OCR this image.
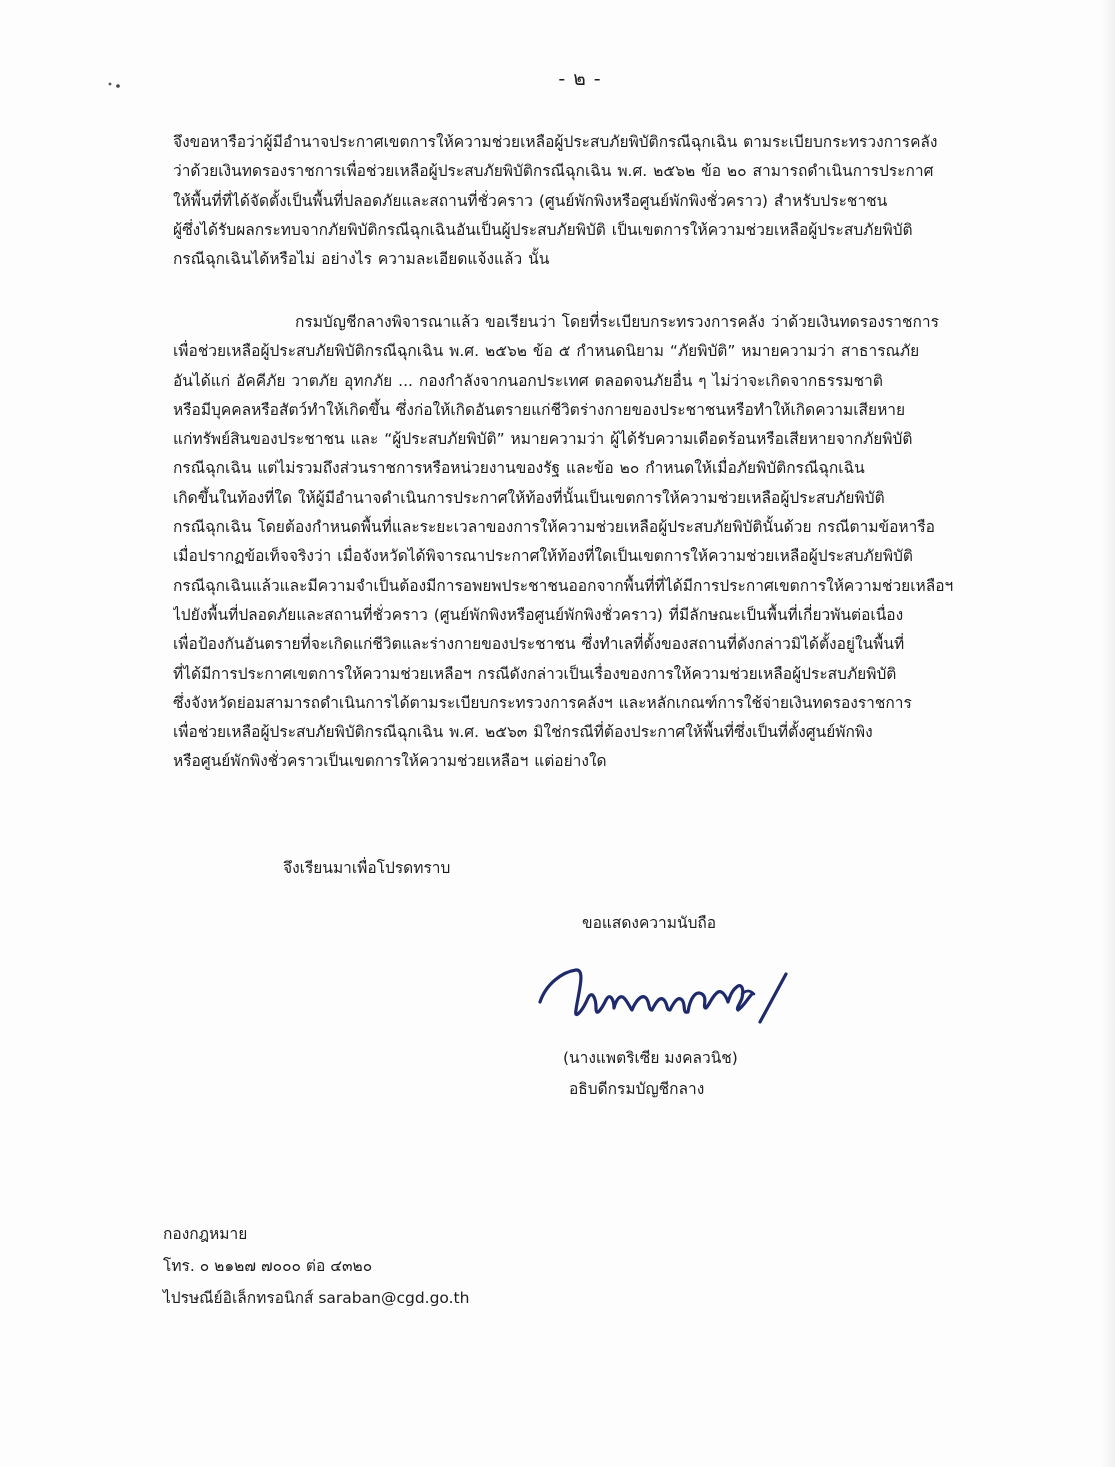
- ๒ -
จึงขอหารือว่าผู้มีอำนาจประกาศเขตการให้ความช่วยเหลือผู้ประสบภัยพิบัติกรณีฉุกเฉิน ตามระเบียบกระทรวงการคลัง
ว่าด้วยเงินทดรองราชการเพื่อช่วยเหลือผู้ประสบภัยพิบัติกรณีฉุกเฉิน พ.ศ. ๒๕๖๒ ข้อ ๒๐ สามารถดำเนินการประกาศ
ให้พื้นที่ที่ได้จัดตั้งเป็นพื้นที่ปลอดภัยและสถานที่ชั่วคราว (ศูนย์พักพิงหรือศูนย์พักพิงชั่วคราว) สำหรับประชาชน
ผู้ซึ่งได้รับผลกระทบจากภัยพิบัติกรณีฉุกเฉินอันเป็นผู้ประสบภัยพิบัติ เป็นเขตการให้ความช่วยเหลือผู้ประสบภัยพิบัติ
กรณีฉุกเฉินได้หรือไม่ อย่างไร ความละเอียดแจ้งแล้ว นั้น
กรมบัญชีกลางพิจารณาแล้ว ขอเรียนว่า โดยที่ระเบียบกระทรวงการคลัง ว่าด้วยเงินทดรองราชการ
เพื่อช่วยเหลือผู้ประสบภัยพิบัติกรณีฉุกเฉิน พ.ศ. ๒๕๖๒ ข้อ ๕ กำหนดนิยาม “ภัยพิบัติ” หมายความว่า สาธารณภัย
อันได้แก่ อัคคีภัย วาตภัย อุทกภัย ... กองกำลังจากนอกประเทศ ตลอดจนภัยอื่น ๆ ไม่ว่าจะเกิดจากธรรมชาติ
หรือมีบุคคลหรือสัตว์ทำให้เกิดขึ้น ซึ่งก่อให้เกิดอันตรายแก่ชีวิตร่างกายของประชาชนหรือทำให้เกิดความเสียหาย
แก่ทรัพย์สินของประชาชน และ “ผู้ประสบภัยพิบัติ” หมายความว่า ผู้ได้รับความเดือดร้อนหรือเสียหายจากภัยพิบัติ
กรณีฉุกเฉิน แต่ไม่รวมถึงส่วนราชการหรือหน่วยงานของรัฐ และข้อ ๒๐ กำหนดให้เมื่อภัยพิบัติกรณีฉุกเฉิน
เกิดขึ้นในท้องที่ใด ให้ผู้มีอำนาจดำเนินการประกาศให้ท้องที่นั้นเป็นเขตการให้ความช่วยเหลือผู้ประสบภัยพิบัติ
กรณีฉุกเฉิน โดยต้องกำหนดพื้นที่และระยะเวลาของการให้ความช่วยเหลือผู้ประสบภัยพิบัตินั้นด้วย กรณีตามข้อหารือ
เมื่อปรากฏข้อเท็จจริงว่า เมื่อจังหวัดได้พิจารณาประกาศให้ท้องที่ใดเป็นเขตการให้ความช่วยเหลือผู้ประสบภัยพิบัติ
กรณีฉุกเฉินแล้วและมีความจำเป็นต้องมีการอพยพประชาชนออกจากพื้นที่ที่ได้มีการประกาศเขตการให้ความช่วยเหลือฯ
ไปยังพื้นที่ปลอดภัยและสถานที่ชั่วคราว (ศูนย์พักพิงหรือศูนย์พักพิงชั่วคราว) ที่มีลักษณะเป็นพื้นที่เกี่ยวพันต่อเนื่อง
เพื่อป้องกันอันตรายที่จะเกิดแก่ชีวิตและร่างกายของประชาชน ซึ่งทำเลที่ตั้งของสถานที่ดังกล่าวมิได้ตั้งอยู่ในพื้นที่
ที่ได้มีการประกาศเขตการให้ความช่วยเหลือฯ กรณีดังกล่าวเป็นเรื่องของการให้ความช่วยเหลือผู้ประสบภัยพิบัติ
ซึ่งจังหวัดย่อมสามารถดำเนินการได้ตามระเบียบกระทรวงการคลังฯ และหลักเกณฑ์การใช้จ่ายเงินทดรองราชการ
เพื่อช่วยเหลือผู้ประสบภัยพิบัติกรณีฉุกเฉิน พ.ศ. ๒๕๖๓ มิใช่กรณีที่ต้องประกาศให้พื้นที่ซึ่งเป็นที่ตั้งศูนย์พักพิง
หรือศูนย์พักพิงชั่วคราวเป็นเขตการให้ความช่วยเหลือฯ แต่อย่างใด
จึงเรียนมาเพื่อโปรดทราบ
ขอแสดงความนับถือ
(นางแพตริเซีย มงคลวนิช)
อธิบดีกรมบัญชีกลาง
กองกฎหมาย
โทร. ๐ ๒๑๒๗ ๗๐๐๐ ต่อ ๔๓๒๐
ไปรษณีย์อิเล็กทรอนิกส์ saraban@cgd.go.th
